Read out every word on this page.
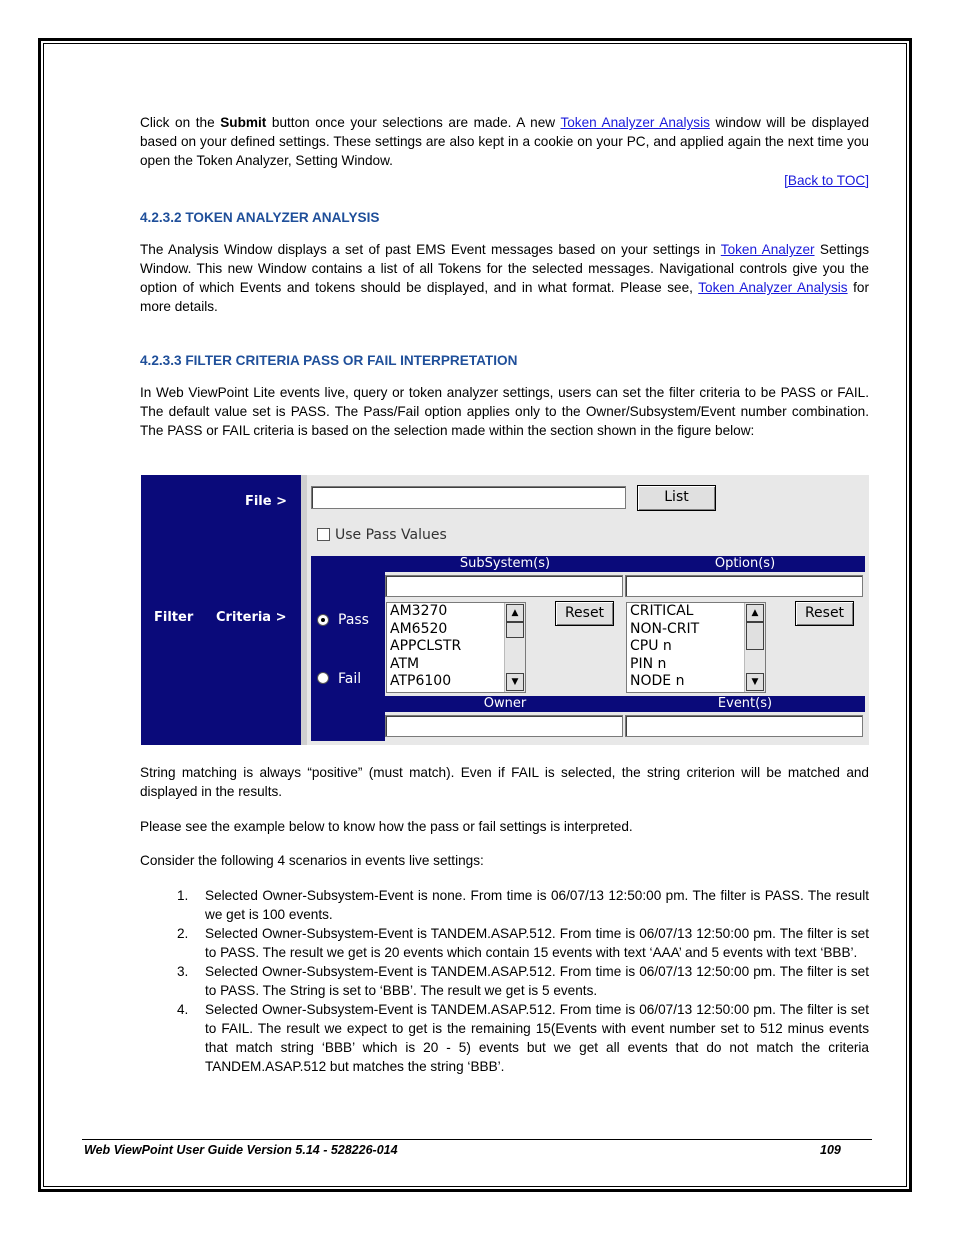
Click on the Submit button once your selections are made. A new Token Analyzer Analysis window will be displayed based on your defined settings. These settings are also kept in a cookie on your PC, and applied again the next time you open the Token Analyzer, Setting Window.

[Back to TOC]

4.2.3.2 TOKEN ANALYZER ANALYSIS

The Analysis Window displays a set of past EMS Event messages based on your settings in Token Analyzer Settings Window. This new Window contains a list of all Tokens for the selected messages. Navigational controls give you the option of which Events and tokens should be displayed, and in what format. Please see, Token Analyzer Analysis for more details.

4.2.3.3 FILTER CRITERIA PASS OR FAIL INTERPRETATION

In Web ViewPoint Lite events live, query or token analyzer settings, users can set the filter criteria to be PASS or FAIL. The default value set is PASS. The Pass/Fail option applies only to the Owner/Subsystem/Event number combination. The PASS or FAIL criteria is based on the selection made within the section shown in the figure below:

File >
Filter Criteria >
List
Use Pass Values
SubSystem(s)	Option(s)
Pass
Fail
AM3270
AM6520
APPCLSTR
ATM
ATP6100
▲
▼
Reset	CRITICAL
NON-CRIT
CPU n
PIN n
NODE n
▲
▼
Reset
Owner	Event(s)

String matching is always “positive” (must match). Even if FAIL is selected, the string criterion will be matched and displayed in the results.

Please see the example below to know how the pass or fail settings is interpreted.

Consider the following 4 scenarios in events live settings:

1. Selected Owner-Subsystem-Event is none. From time is 06/07/13 12:50:00 pm. The filter is PASS. The result we get is 100 events.
2. Selected Owner-Subsystem-Event is TANDEM.ASAP.512. From time is 06/07/13 12:50:00 pm. The filter is set to PASS. The result we get is 20 events which contain 15 events with text ‘AAA’ and 5 events with text ‘BBB’.
3. Selected Owner-Subsystem-Event is TANDEM.ASAP.512. From time is 06/07/13 12:50:00 pm. The filter is set to PASS. The String is set to ‘BBB’. The result we get is 5 events.
4. Selected Owner-Subsystem-Event is TANDEM.ASAP.512. From time is 06/07/13 12:50:00 pm. The filter is set to FAIL. The result we expect to get is the remaining 15(Events with event number set to 512 minus events that match string ‘BBB’ which is 20 - 5) events but we get all events that do not match the criteria TANDEM.ASAP.512 but matches the string ‘BBB’.
Web ViewPoint User Guide Version 5.14 - 528226-014	109
